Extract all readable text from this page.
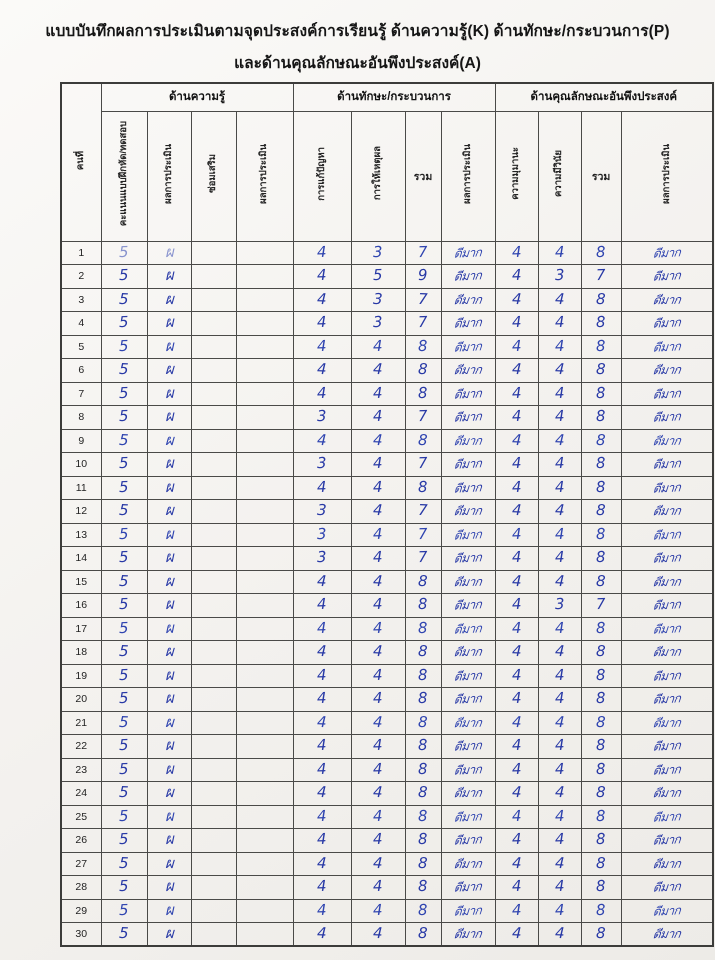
แบบบันทึกผลการประเมินตามจุดประสงค์การเรียนรู้ ด้านความรู้(K) ด้านทักษะ/กระบวนการ(P)
และด้านคุณลักษณะอันพึงประสงค์(A)
คนที่	ด้านความรู้				ด้านทักษะ/กระบวนการ				ด้านคุณลักษณะอันพึงประสงค์			
	คะแนนแบบฝึกหัด/ทดสอบ	ผลการประเมิน	ซ่อมเสริม	ผลการประเมิน	การแก้ปัญหา	การให้เหตุผล	รวม	ผลการประเมิน	ความมุมานะ	ความมีวินัย	รวม	ผลการประเมิน
1	5	ผ			4	3	7	ดีมาก	4	4	8	ดีมาก
2	5	ผ			4	5	9	ดีมาก	4	3	7	ดีมาก
3	5	ผ			4	3	7	ดีมาก	4	4	8	ดีมาก
4	5	ผ			4	3	7	ดีมาก	4	4	8	ดีมาก
5	5	ผ			4	4	8	ดีมาก	4	4	8	ดีมาก
6	5	ผ			4	4	8	ดีมาก	4	4	8	ดีมาก
7	5	ผ			4	4	8	ดีมาก	4	4	8	ดีมาก
8	5	ผ			3	4	7	ดีมาก	4	4	8	ดีมาก
9	5	ผ			4	4	8	ดีมาก	4	4	8	ดีมาก
10	5	ผ			3	4	7	ดีมาก	4	4	8	ดีมาก
11	5	ผ			4	4	8	ดีมาก	4	4	8	ดีมาก
12	5	ผ			3	4	7	ดีมาก	4	4	8	ดีมาก
13	5	ผ			3	4	7	ดีมาก	4	4	8	ดีมาก
14	5	ผ			3	4	7	ดีมาก	4	4	8	ดีมาก
15	5	ผ			4	4	8	ดีมาก	4	4	8	ดีมาก
16	5	ผ			4	4	8	ดีมาก	4	3	7	ดีมาก
17	5	ผ			4	4	8	ดีมาก	4	4	8	ดีมาก
18	5	ผ			4	4	8	ดีมาก	4	4	8	ดีมาก
19	5	ผ			4	4	8	ดีมาก	4	4	8	ดีมาก
20	5	ผ			4	4	8	ดีมาก	4	4	8	ดีมาก
21	5	ผ			4	4	8	ดีมาก	4	4	8	ดีมาก
22	5	ผ			4	4	8	ดีมาก	4	4	8	ดีมาก
23	5	ผ			4	4	8	ดีมาก	4	4	8	ดีมาก
24	5	ผ			4	4	8	ดีมาก	4	4	8	ดีมาก
25	5	ผ			4	4	8	ดีมาก	4	4	8	ดีมาก
26	5	ผ			4	4	8	ดีมาก	4	4	8	ดีมาก
27	5	ผ			4	4	8	ดีมาก	4	4	8	ดีมาก
28	5	ผ			4	4	8	ดีมาก	4	4	8	ดีมาก
29	5	ผ			4	4	8	ดีมาก	4	4	8	ดีมาก
30	5	ผ			4	4	8	ดีมาก	4	4	8	ดีมาก
